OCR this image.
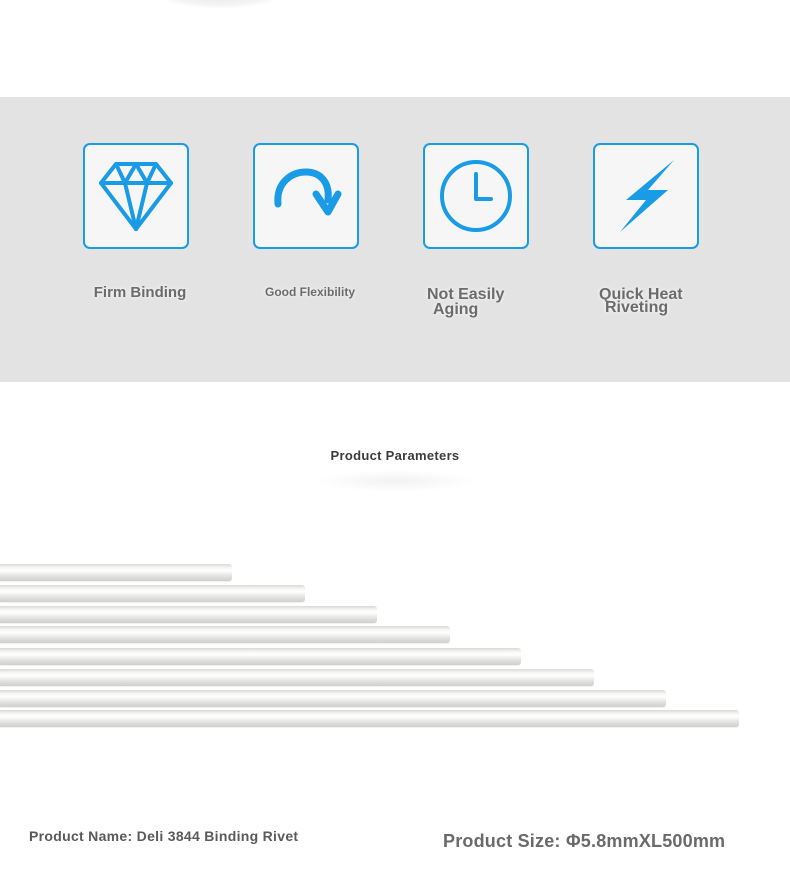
Firm Binding	Good Flexibility	Not Easily
Aging
Quick Heat
Riveting
Product Parameters
Product Name: Deli 3844 Binding Rivet	Product Size: Φ5.8mmXL500mm
